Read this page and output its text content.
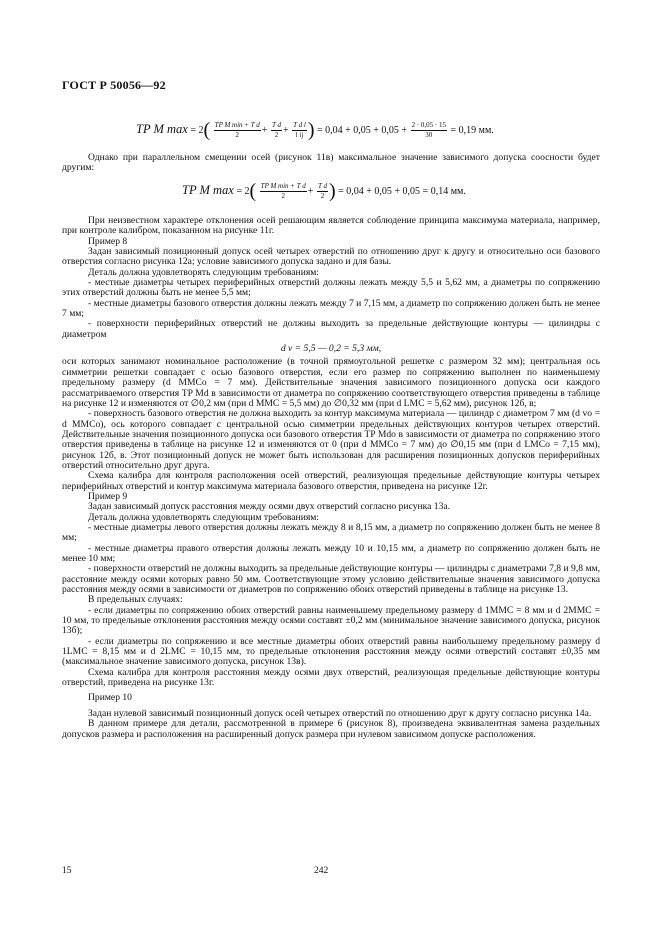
ГОСТ Р 50056—92
TP M $\max = 2( \frac{\text{TP M min + T d}}{2} + \frac{\text{T d}}{2} + \frac{\text{T d l}}{\text{l ij}}$ ) = $0,04 + 0,05 + 0,05 + \frac{2 \cdot 0,05 \cdot 15}{30} = 0,19$ мм.

Однако при параллельном смещении осей (рисунок 11в) максимальное значение зависимого допуска соосности будет другим:

TP M $\max = 2( \frac{\text{TP M min + T d}}{2} + \frac{\text{T d}}{2}$ ) = 0,04 + 0,05 + 0,05 = 0,14 мм.

При неизвестном характере отклонения осей решающим является соблюдение принципа максимума материала, например, при контроле калибром, показанном на рисунке 11г.

Пример 8

Задан зависимый позиционный допуск осей четырех отверстий по отношению друг к другу и относительно оси базового отверстия согласно рисунка 12а; условие зависимого допуска задано и для базы.

Деталь должна удовлетворять следующим требованиям:

- местные диаметры четырех периферийных отверстий должны лежать между 5,5 и 5,62 мм, а диаметры по сопряжению этих отверстий должны быть не менее 5,5 мм;

- местные диаметры базового отверстия должны лежать между 7 и 7,15 мм, а диаметр по сопряжению должен быть не менее 7 мм;

- поверхности периферийных отверстий не должны выходить за предельные действующие контуры — цилиндры с диаметром

d v = 5,5 — 0,2 = 5,3 мм,

оси которых занимают номинальное расположение (в точной прямоугольной решетке с размером 32 мм); центральная ось симметрии решетки совпадает с осью базового отверстия, если его размер по сопряжению выполнен по наименьшему предельному размеру (d MMCo = 7 мм). Действительные значения зависимого позиционного допуска оси каждого рассматриваемого отверстия TP Md в зависимости от диаметра по сопряжению соответствующего отверстия приведены в таблице на рисунке 12 и изменяются от ∅0,2 мм (при d MMC = 5,5 мм) до ∅0,32 мм (при d LMC = 5,62 мм), рисунок 12б, в;

- поверхность базового отверстия не должна выходить за контур максимума материала — цилиндр с диаметром 7 мм (d vo = d MMCo), ось которого совпадает с центральной осью симметрии предельных действующих контуров четырех отверстий. Действительные значения позиционного допуска оси базового отверстия TP Mdo в зависимости от диаметра по сопряжению этого отверстия приведены в таблице на рисунке 12 и изменяются от 0 (при d MMCo = 7 мм) до ∅0,15 мм (при d LMCo = 7,15 мм), рисунок 12б, в. Этот позиционный допуск не может быть использован для расширения позиционных допусков периферийных отверстий относительно друг друга.

Схема калибра для контроля расположения осей отверстий, реализующая предельные действующие контуры четырех периферийных отверстий и контур максимума материала базового отверстия, приведена на рисунке 12г.

Пример 9

Задан зависимый допуск расстояния между осями двух отверстий согласно рисунка 13а.

Деталь должна удовлетворять следующим требованиям:

- местные диаметры левого отверстия должны лежать между 8 и 8,15 мм, а диаметр по сопряжению должен быть не менее 8 мм;

- местные диаметры правого отверстия должны лежать между 10 и 10,15 мм, а диаметр по сопряжению должен быть не менее 10 мм;

- поверхности отверстий не должны выходить за предельные действующие контуры — цилиндры с диаметрами 7,8 и 9,8 мм, расстояние между осями которых равно 50 мм. Соответствующие этому условию действительные значения зависимого допуска расстояния между осями в зависимости от диаметров по сопряжению обоих отверстий приведены в таблице на рисунке 13.

В предельных случаях:

- если диаметры по сопряжению обоих отверстий равны наименьшему предельному размеру d 1MMC = 8 мм и d 2MMC = 10 мм, то предельные отклонения расстояния между осями составят ±0,2 мм (минимальное значение зависимого допуска, рисунок 13б);

- если диаметры по сопряжению и все местные диаметры обоих отверстий равны наибольшему предельному размеру d 1LMC = 8,15 мм и d 2LMC = 10,15 мм, то предельные отклонения расстояния между осями отверстий составят ±0,35 мм (максимальное значение зависимого допуска, рисунок 13в).

Схема калибра для контроля расстояния между осями двух отверстий, реализующая предельные действующие контуры отверстий, приведена на рисунке 13г.

Пример 10

Задан нулевой зависимый позиционный допуск осей четырех отверстий по отношению друг к другу согласно рисунка 14а.

В данном примере для детали, рассмотренной в примере 6 (рисунок 8), произведена эквивалентная замена раздельных допусков размера и расположения на расширенный допуск размера при нулевом зависимом допуске расположения.

15	242
